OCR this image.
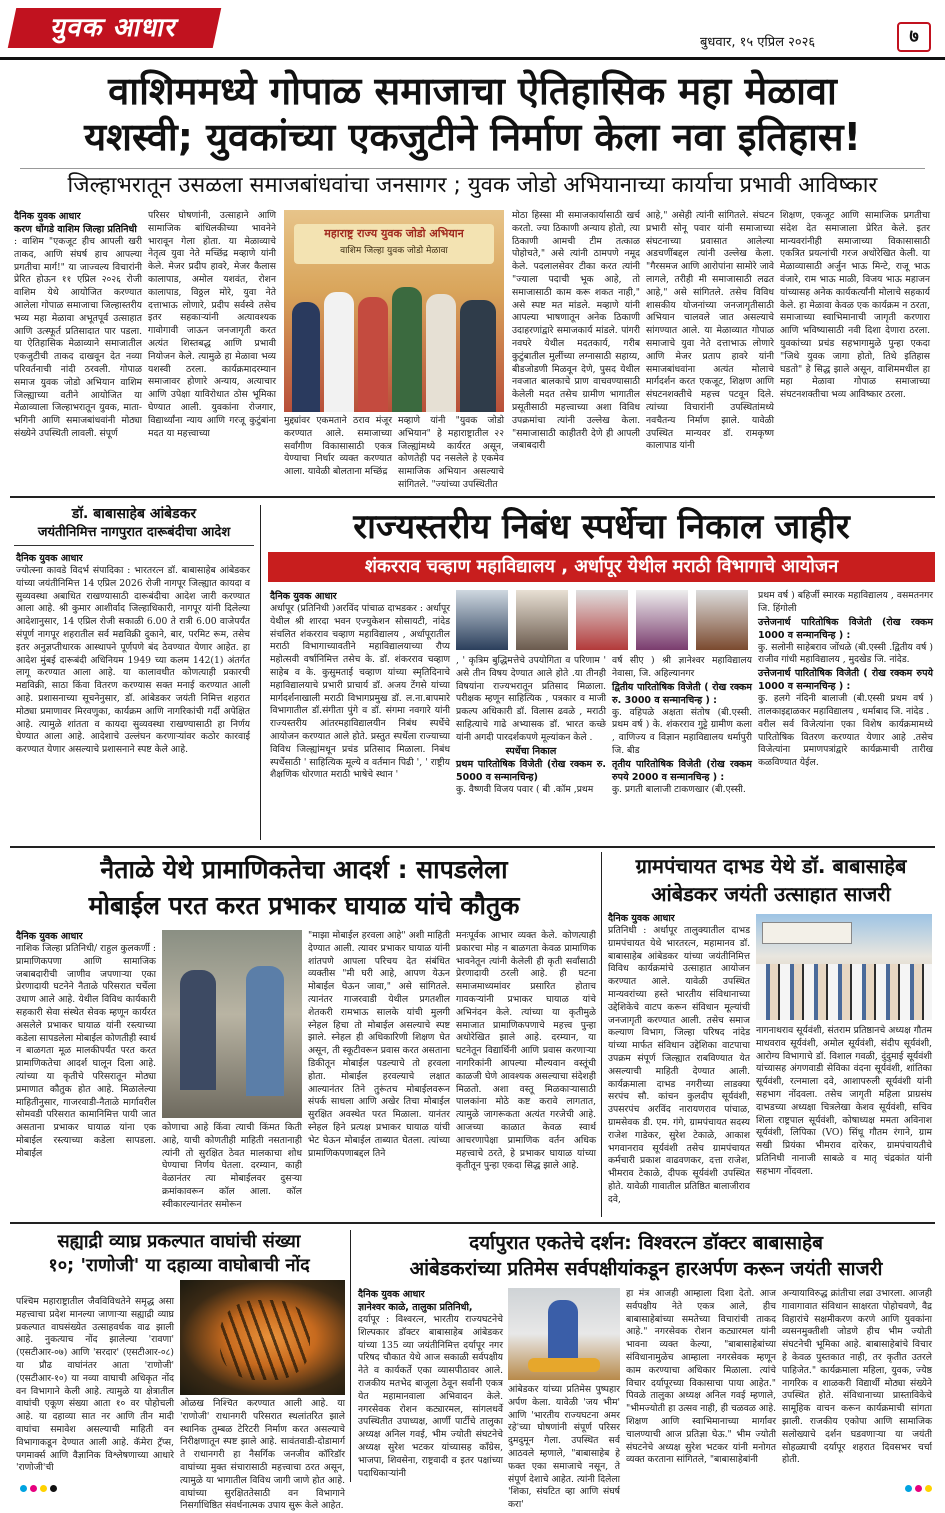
युवक आधार	बुधवार, १५ एप्रिल २०२६	७
वाशिममध्ये गोपाळ समाजाचा ऐतिहासिक महा मेळावा
यशस्वी; युवकांच्या एकजुटीने निर्माण केला नवा इतिहास!
जिल्हाभरातून उसळला समाजबांधवांचा जनसागर ; युवक जोडो अभियानाच्या कार्याचा प्रभावी आविष्कार
दैनिक युवक आधार
करण धोंगडे वाशिम जिल्हा प्रतिनिधी
: वाशिम "एकजूट हीच आपली खरी ताकद, आणि संघर्ष हाच आपल्या प्रगतीचा मार्ग!" या जाज्वल्य विचारांनी प्रेरित होऊन ११ एप्रिल २०२६ रोजी वाशिम येथे आयोजित करण्यात आलेला गोपाळ समाजाचा जिल्हास्तरीय भव्य महा मेळावा अभूतपूर्व उत्साहात आणि उत्स्फूर्त प्रतिसादात पार पडला. या ऐतिहासिक मेळाव्याने समाजातील एकजुटीची ताकद दाखवून देत नव्या परिवर्तनाची नांदी ठरवली. गोपाळ समाज युवक जोडो अभियान वाशिम जिल्ह्याच्या वतीने आयोजित या मेळाव्याला जिल्हाभरातून युवक, माता-भगिनी आणि समाजबांधवांनी मोठ्या संख्येने उपस्थिती लावली. संपूर्ण
परिसर घोषणांनी, उत्साहाने आणि सामाजिक बांधिलकीच्या भावनेने भारावून गेला होता. या मेळाव्याचे नेतृत्व युवा नेते मच्छिंद्र मव्हाणे यांनी केले. मेजर प्रदीप हावरे, मेजर कैलास कालापाड, अमोल यशवंत, रोशन कालापाड, विठ्ठल मोरे, युवा नेते दत्ताभाऊ लोणारे, प्रदीप सर्वस्वे तसेच इतर सहकाऱ्यांनी अत्यावश्यक गावोगावी जाऊन जनजागृती करत अत्यंत शिस्तबद्ध आणि प्रभावी नियोजन केले. त्यामुळे हा मेळावा भव्य यशस्वी ठरला. कार्यक्रमादरम्यान समाजावर होणारे अन्याय, अत्याचार आणि उपेक्षा याविरोधात ठोस भूमिका घेण्यात आली. युवकांना रोजगार, विद्यार्थ्यांना न्याय आणि गरजू कुटुंबांना मदत या महत्त्वाच्या
महाराष्ट्र राज्य युवक जोडो अभियान
वाशिम जिल्हा युवक जोडो मेळावा
मुद्द्यांवर एकमताने ठराव मंजूर करण्यात आले. समाजाच्या सर्वांगीण विकासासाठी एकत्र येण्याचा निर्धार व्यक्त करण्यात आला. यावेळी बोलताना मच्छिंद्र
मव्हाणे यांनी "युवक जोडो अभियान" हे महाराष्ट्रातील २२ जिल्ह्यांमध्ये कार्यरत असून, कोणतेही पद नसलेले हे एकमेव सामाजिक अभियान असल्याचे सांगितले. "ज्यांच्या उपस्थितीत
मोठा हिस्सा मी समाजकार्यासाठी खर्च करतो. ज्या ठिकाणी अन्याय होतो, त्या ठिकाणी आमची टीम तत्काळ पोहोचते," असे त्यांनी ठामपणे नमूद केले. पदलालसेवर टीका करत त्यांनी "ज्याला पदाची भूक आहे, तो समाजासाठी काम करू शकत नाही," असे स्पष्ट मत मांडले. मव्हाणे यांनी आपल्या भाषणातून अनेक ठिकाणी उदाहरणांद्वारे समाजकार्य मांडले. पांगरी नवघरे येथील मदतकार्य, गरीब कुटुंबातील मुलींच्या लग्नासाठी सहाय्य, बीडजोडणी मिळवून देणे, पुसद येथील नवजात बालकाचे प्राण वाचवण्यासाठी केलेली मदत तसेच ग्रामीण भागातील प्रसूतीसाठी महत्त्वाच्या अशा विविध उपक्रमांचा त्यांनी उल्लेख केला. "समाजासाठी काहीतरी देणे ही आपली जबाबदारी
आहे," असेही त्यांनी सांगितले. संघटन प्रभारी सोनू पवार यांनी समाजाच्या संघटनाच्या प्रवासात आलेल्या अडचणींबद्दल त्यांनी उल्लेख केला. "गैरसमज आणि आरोपांना सामोरे जावे लागले, तरीही मी समाजासाठी लढत आहे," असे सांगितले. तसेच विविध शासकीय योजनांच्या जनजागृतीसाठी अभियान चालवले जात असल्याचे सांगण्यात आले. या मेळाव्यात गोपाळ समाजाचे युवा नेते दत्ताभाऊ लोणारे आणि मेजर प्रताप हावरे यांनी समाजबांधवांना अत्यंत मोलाचे मार्गदर्शन करत एकजूट, शिक्षण आणि संघटनशक्तीचे महत्त्व पटवून दिले. त्यांच्या विचारांनी उपस्थितांमध्ये नवचैतन्य निर्माण झाले. यावेळी उपस्थित मान्यवर डॉ. रामकृष्ण कालापाड यांनी
शिक्षण, एकजूट आणि सामाजिक प्रगतीचा संदेश देत समाजाला प्रेरित केले. इतर मान्यवरांनीही समाजाच्या विकासासाठी एकत्रित प्रयत्नांची गरज अधोरेखित केली. या मेळाव्यासाठी अर्जुन भाऊ मिन्टे, राजू भाऊ वंजारे, राम भाऊ माळी, विजय भाऊ महाजन यांच्यासह अनेक कार्यकर्त्यांनी मोलाचे सहकार्य केले. हा मेळावा केवळ एक कार्यक्रम न ठरता, समाजाच्या स्वाभिमानाची जागृती करणारा आणि भविष्यासाठी नवी दिशा देणारा ठरला. युवकांच्या प्रचंड सहभागामुळे पुन्हा एकदा "जिथे युवक जागा होतो, तिथे इतिहास घडतो" हे सिद्ध झाले असून, वाशिममधील हा महा मेळावा गोपाळ समाजाच्या संघटनशक्तीचा भव्य आविष्कार ठरला.
डॉ. बाबासाहेब आंबेडकर
जयंतीनिमित्त नागपुरात दारूबंदीचा आदेश
दैनिक युवक आधार
ज्योत्स्ना कावडे विदर्भ संपादिका : भारतरत्न डॉ. बाबासाहेब आंबेडकर यांच्या जयंतीनिमित्त 14 एप्रिल 2026 रोजी नागपूर जिल्ह्यात कायदा व सुव्यवस्था अबाधित राखण्यासाठी दारूबंदीचा आदेश जारी करण्यात आला आहे. श्री कुमार आशीर्वाद जिल्हाधिकारी, नागपूर यांनी दिलेल्या आदेशानुसार, 14 एप्रिल रोजी सकाळी 6.00 ते रात्री 6.00 वाजेपर्यंत संपूर्ण नागपूर शहरातील सर्व मद्यविक्री दुकाने, बार, परमिट रूम, तसेच इतर अनुज्ञप्तीधारक आस्थापने पूर्णपणे बंद ठेवण्यात येणार आहेत. हा आदेश मुंबई दारूबंदी अधिनियम 1949 च्या कलम 142(1) अंतर्गत लागू करण्यात आला आहे. या कालावधीत कोणत्याही प्रकारची मद्यविक्री, साठा किंवा वितरण करण्यास सक्त मनाई करण्यात आली आहे. प्रशासनाच्या सूचनेनुसार, डॉ. आंबेडकर जयंती निमित्त शहरात मोठ्या प्रमाणावर मिरवणुका, कार्यक्रम आणि नागरिकांची गर्दी अपेक्षित आहे. त्यामुळे शांतता व कायदा सुव्यवस्था राखण्यासाठी हा निर्णय घेण्यात आला आहे. आदेशाचे उल्लंघन करणाऱ्यांवर कठोर कारवाई करण्यात येणार असल्याचे प्रशासनाने स्पष्ट केले आहे.
राज्यस्तरीय निबंध स्पर्धेचा निकाल जाहीर
शंकरराव चव्हाण महाविद्यालय , अर्धापूर येथील मराठी विभागाचे आयोजन
दैनिक युवक आधार
अर्धापूर (प्रतिनिधी )अरविंद पांचाळ दाभडकर : अर्धापूर येथील श्री शारदा भवन एज्युकेशन सोसायटी, नांदेड संचलित शंकरराव चव्हाण महाविद्यालय , अर्धापूरातील मराठी विभागाच्यावतीने महाविद्यालयाच्या रौप्य महोत्सवी वर्षानिमित्त तसेच के. डॉ. शंकरराव चव्हाण साहेब व के. कुसुमताई चव्हाण यांच्या स्मृतिदिनाचे महाविद्यालयाचे प्रभारी प्राचार्य डॉ. अजय टेंगसे यांच्या मार्गदर्शनाखाली मराठी विभागप्रमुख डॉ. ल.ना.बापमारे विभागातील डॉ.संगीता पुंगे व डॉ. संगमा नवगारे यांनी राज्यस्तरीय आंतरमहाविद्यालयीन निबंध स्पर्धेचे आयोजन करण्यात आले होते. प्रस्तुत स्पर्धेला राज्याच्या विविध जिल्ह्यांमधून प्रचंड प्रतिसाद मिळाला. निबंध स्पर्धेसाठी ' साहित्यिक मूल्ये व वर्तमान पिढी ', ' राष्ट्रीय शैक्षणिक धोरणात मराठी भाषेचे स्थान '
, ' कृत्रिम बुद्धिमत्तेचे उपयोगिता व परिणाम ' असे तीन विषय देण्यात आले होते .या तीनही विषयांना राज्यभरातून प्रतिसाद मिळाला. परीक्षक म्हणून साहित्यिक , पत्रकार व माजी प्रकल्प अधिकारी डॉ. विलास ढवळे , मराठी साहित्याचे गाढे अभ्यासक डॉ. भारत कच्छे यांनी अगदी पारदर्शकपणे मूल्यांकन केले .
स्पर्धेचा निकाल
प्रथम पारितोषिक विजेती (रोख रक्कम रु. 5000 व सन्मानचिन्ह)
कु. वैष्णवी विजय पवार ( बी .कॉम ,प्रथम
वर्ष सीए ) श्री ज्ञानेश्वर महाविद्यालय नेवासा, जि. अहिल्यानगर
द्वितीय पारितोषिक विजेती ( रोख रक्कम रु. 3000 व सन्मानचिन्ह ) :
कु. वहिपळे अक्षता संतोष (बी.एस्सी. प्रथम वर्ष ) के. शंकरराव गुट्टे ग्रामीण कला , वाणिज्य व विज्ञान महाविद्यालय धर्मापुरी जि. बीड
तृतीय पारितोषिक विजेती (रोख रक्कम रुपये 2000 व सन्मानचिन्ह ) :
कु. प्रगती बालाजी टाकणखार (बी.एस्सी.
प्रथम वर्ष ) बहिर्जी स्मारक महाविद्यालय , वसमतनगर जि. हिंगोली
उत्तेजनार्थ पारितोषिक विजेती (रोख रक्कम 1000 व सन्मानचिन्ह ) :
कु. सलोनी साहेबराव जोंधळे (बी.एस्सी .द्वितीय वर्ष ) राजीव गांधी महाविद्यालय , मुदखेड जि. नांदेड.
उत्तेजनार्थ पारितोषिक विजेती ( रोख रक्कम रुपये 1000 व सन्मानचिन्ह ) :
कु. हलगे नंदिनी बालाजी (बी.एस्सी प्रथम वर्ष ) तालकाइद्दाळकर महाविद्यालय , धर्माबाद जि. नांदेड .
वरील सर्व विजेत्यांना एका विशेष कार्यक्रमामध्ये पारितोषिक वितरण करण्यात येणार आहे .तसेच विजेत्यांना प्रमाणपत्रांद्वारे कार्यक्रमाची तारीख कळविण्यात येईल.
नैताळे येथे प्रामाणिकतेचा आदर्श : सापडलेला
मोबाईल परत करत प्रभाकर घायाळ यांचे कौतुक
दैनिक युवक आधार
नाशिक जिल्हा प्रतिनिधी/ राहुल कुलकर्णी : प्रामाणिकपणा आणि सामाजिक जबाबदारीची जाणीव जपणाऱ्या एका प्रेरणादायी घटनेने नैताळे परिसरात चर्चेला उधाण आले आहे. येथील विविध कार्यकारी सहकारी सेवा संस्थेत सेवक म्हणून कार्यरत असलेले प्रभाकर घायाळ यांनी रस्त्याच्या कडेला सापडलेला मोबाईल कोणतीही स्वार्थ न बाळगता मूळ मालकीपर्यंत परत करत प्रामाणिकतेचा आदर्श घालून दिला आहे. त्यांच्या या कृतीचे परिसरातून मोठ्या प्रमाणात कौतुक होत आहे. मिळालेल्या माहितीनुसार, गाजरवाडी-नैताळे मार्गावरील सोमवडी परिसरात कामानिमित्त पायी जात असताना प्रभाकर घायाळ यांना एक मोबाईल रस्त्याच्या कडेला सापडला. मोबाईल
कोणाचा आहे किंवा त्याची किंमत किती आहे, याची कोणतीही माहिती नसतानाही त्यांनी तो सुरक्षित ठेवत मालकाचा शोध घेण्याचा निर्णय घेतला. दरम्यान, काही वेळानंतर त्या मोबाईलवर दुसऱ्या क्रमांकावरून कॉल आला. कॉल स्वीकारल्यानंतर समोरून
"माझा मोबाईल हरवला आहे" अशी माहिती देण्यात आली. त्यावर प्रभाकर घायाळ यांनी शांतपणे आपला परिचय देत संबंधित व्यक्तीस "मी घरी आहे, आपण येऊन मोबाईल घेऊन जावा," असे सांगितले. त्यानंतर गाजरवाडी येथील प्रगतशील शेतकरी रामभाऊ सालके यांची मुलगी स्नेहल हिचा तो मोबाईल असल्याचे स्पष्ट झाले. स्नेहल ही अधिकारिणी शिक्षण घेत असून, ती स्कूटीवरून प्रवास करत असताना डिकीतून मोबाईल पडल्याचे तो हरवला होता. मोबाईल हरवल्याचे लक्षात आल्यानंतर तिने तुरूंतच मोबाईलवरून संपर्क साधला आणि अखेर तिचा मोबाईल सुरक्षित अवस्थेत परत मिळाला. यानंतर स्नेहल हिने प्रत्यक्ष प्रभाकर घायाळ यांची भेट घेऊन मोबाईल ताब्यात घेतला. त्यांच्या प्रामाणिकपणाबद्दल तिने
मनःपूर्वक आभार व्यक्त केले. कोणत्याही प्रकारचा मोह न बाळगता केवळ प्रामाणिक भावनेतून त्यांनी केलेली ही कृती सर्वांसाठी प्रेरणादायी ठरली आहे. ही घटना समाजमाध्यमांवर प्रसारित होताच गावकऱ्यांनी प्रभाकर घायाळ यांचे अभिनंदन केले. त्यांच्या या कृतीमुळे समाजात प्रामाणिकपणाचे महत्त्व पुन्हा अधोरेखित झाले आहे. दरम्यान, या घटनेतून विद्यार्थिनी आणि प्रवास करणाऱ्या नागरिकांनी आपल्या मौल्यवान वस्तूंची काळजी घेणे आवश्यक असल्याचा संदेशही मिळतो. अशा वस्तू मिळकाऱ्यासाठी पालकांना मोठे कष्ट करावे लागतात, त्यामुळे जागरूकता अत्यंत गरजेची आहे. आजच्या काळात केवळ स्वार्थ आचरणापेक्षा प्रामाणिक वर्तन अधिक महत्त्वाचे ठरते, हे प्रभाकर घायाळ यांच्या कृतीतून पुन्हा एकदा सिद्ध झाले आहे.
ग्रामपंचायत दाभड येथे डॉ. बाबासाहेब
आंबेडकर जयंती उत्साहात साजरी
दैनिक युवक आधार
प्रतिनिधी : अर्धापूर तालुक्यातील दाभड ग्रामपंचायत येथे भारतरत्न, महामानव डॉ. बाबासाहेब आंबेडकर यांच्या जयंतीनिमित्त विविध कार्यक्रमांचे उत्साहात आयोजन करण्यात आले. यावेळी उपस्थित मान्यवरांच्या हस्ते भारतीय संविधानाच्या उद्देशिकेचे वाटप करून संविधान मूल्यांची जनजागृती करण्यात आली. तसेच समाज कल्याण विभाग, जिल्हा परिषद नांदेड यांच्या मार्फत संविधान उद्देशिका वाटपाचा उपक्रम संपूर्ण जिल्ह्यात राबविण्यात येत असल्याची माहिती देण्यात आली. कार्यक्रमाला दाभड नगरीच्या लाडक्या सरपंच सौ. कांचन कुलदीप सूर्यवंशी, उपसरपंच अरविंद नारायणराव पांचाळ, ग्रामसेवक डी. एम. गंगे, ग्रामपंचायत सदस्य राजेश गाडेकर, सुरेश टेकाळे, आकाश भगवानराव सूर्यवंशी तसेच ग्रामपंचायत कर्मचारी प्रकाश वाढवणकर, दत्ता राजेश, भीमराव टेकाळे, दीपक सूर्यवंशी उपस्थित होते. यावेळी गावातील प्रतिष्ठित बालाजीराव दवे,
नागनाथराव सूर्यवंशी, संतराम प्रतिष्ठानचे अध्यक्ष गौतम माधवराव सूर्यवंशी, अमोल सूर्यवंशी, संदीप सूर्यवंशी, आरोग्य विभागाचे डॉ. विशाल गवळी, दुंदुमाई सूर्यवंशी यांच्यासह अंगणवाडी सेविका वंदना सूर्यवंशी, शांतिका सूर्यवंशी, रत्नमाला दवे, आशापरुली सूर्यवंशी यांनी सहभाग नोंदवला. तसेच जागृती महिला प्राग्रसंघ दाभडच्या अध्यक्षा चित्रलेखा केशव सूर्यवंशी, सचिव शिला राष्ट्रपाल सूर्यवंशी, कोषाध्यक्ष ममता अविनाश सूर्यवंशी, लिपिका (VO) सिंधू गौतम रंगाने, ग्राम सखी प्रियंका भीमराव दारेकर, ग्रामपंचायतीचे प्रतिनिधी नानाजी साबळे व मातृ चंद्रकांत यांनी सहभाग नोंदवला.
सह्याद्री व्याघ्र प्रकल्पात वाघांची संख्या
१०; 'राणोजी' या दहाव्या वाघोबाची नोंद
पश्चिम महाराष्ट्रातील जैवविविधतेने समृद्ध असा महत्त्वाचा प्रदेश मानल्या जाणाऱ्या सह्याद्री व्याघ्र प्रकल्पात वाघसंख्येत उत्साहवर्धक वाढ झाली आहे. नुकत्याच नोंद झालेल्या 'रावणा' (एसटीआर-०७) आणि 'सरदार' (एसटीआर-०८) या प्रौढ वाघांनंतर आता 'राणोजी' (एसटीआर-१०) या नव्या वाघाची अधिकृत नोंद वन विभागाने केली आहे. त्यामुळे या क्षेत्रातील वाघांची एकूण संख्या आता १० वर पोहोचली आहे. या दहाव्या सात नर आणि तीन मादी वाघांचा समावेश असल्याची माहिती वन विभागाकडून देण्यात आली आहे. कॅमेरा ट्रॅप्स, पगमार्क्स आणि वैज्ञानिक विश्लेषणाच्या आधारे 'राणोजी'ची
ओळख निश्चित करण्यात आली आहे. या 'राणोजी' राधानगरी परिसरात स्थलांतरित झाले स्थानिक तुम्बळ टेरिटरी निर्माण करत असल्याचे निरीक्षणातून स्पष्ट झाले आहे. सावंतवाडी-दोडामार्ग ते राधानगरी हा नैसर्गिक जनजीव कॉरिडॉर वाघांच्या मुक्त संचारासाठी महत्त्वाचा ठरत असून, त्यामुळे या भागातील विविध जागी जाणे होत आहे. वाघांच्या सुरक्षिततेसाठी वन विभागाने निसर्गाधिष्ठित संवर्धनात्मक उपाय सुरू केले आहेत.
दर्यापुरात एकतेचे दर्शन: विश्वरत्न डॉक्टर बाबासाहेब
आंबेडकरांच्या प्रतिमेस सर्वपक्षीयांकडून हारअर्पण करून जयंती साजरी
दैनिक युवक आधार
ज्ञानेश्वर काळे, तालुका प्रतिनिधी,
दर्यापूर : विश्वरत्न, भारतीय राज्यघटनेचे शिल्पकार डॉक्टर बाबासाहेब आंबेडकर यांच्या 135 व्या जयंतीनिमित्त दर्यापूर नगर परिषद चौकात येथे आज सकाळी सर्वपक्षीय नेते व कार्यकर्ते एका व्यासपीठावर आले. राजकीय मतभेद बाजूला ठेवून सर्वांनी एकत्र येत महामानवाला अभिवादन केले. नगरसेवक रोशन कट्यारमल, सांगलधर्वे उपस्थितीत उपाध्यक्ष, आर्णी पार्टीचे तालुका अध्यक्ष अनिल गवई, भीम ज्योती संघटनेचे अध्यक्ष सुरेश भटकर यांच्यासह काँग्रेस, भाजपा, शिवसेना, राष्ट्रवादी व इतर पक्षांच्या पदाधिकाऱ्यांनी
आंबेडकर यांच्या प्रतिमेस पुष्पहार अर्पण केला. यावेळी 'जय भीम' आणि 'भारतीय राज्यघटना अमर रहे'च्या घोषणांनी संपूर्ण परिसर दुमदुमून गेला. उपस्थित सर्व आठवले म्हणाले, "बाबासाहेब हे फक्त एका समाजाचे नसून, ते संपूर्ण देशाचे आहेत. त्यांनी दिलेला 'शिका, संघटित व्हा आणि संघर्ष करा'
हा मंत्र आजही आम्हाला दिशा देतो. आज सर्वपक्षीय नेते एकत्र आले, हीच बाबासाहेबांच्या समतेच्या विचारांची ताकद आहे." नगरसेवक रोशन कट्यारमल यांनी भावना व्यक्त केल्या, "बाबासाहेबांच्या संविधानामुळेच आम्हाला नगरसेवक म्हणून काम करण्याचा अधिकार मिळाला. त्यांचे विचार दर्यापूरच्या विकासाचा पाया आहेत." पिवळे तालुका अध्यक्ष अनिल गवई म्हणाले, "भीमज्योती हा उत्सव नाही, ही चळवळ आहे. शिक्षण आणि स्वाभिमानाच्या मार्गावर चालण्याची आज प्रतिज्ञा घेऊ." भीम ज्योती संघटनेचे अध्यक्ष सुरेश भटकर यांनी मनोगत व्यक्त करताना सांगितले, "बाबासाहेबांनी
अन्यायाविरुद्ध क्रांतीचा लढा उभारला. आजही गावागावात संविधान साक्षरता पोहोचवणे, वैद्र विहारांचे सक्षमीकरण करणे आणि युवकांना व्यसनमुक्तीशी जोडणे हीच भीम ज्योती संघटनेची भूमिका आहे. बाबासाहेबांचे विचार हे केवळ पुस्तकात नाही, तर कृतीत उतरले पाहिजेत." कार्यक्रमाला महिला, युवक, ज्येष्ठ नागरिक व शाळकरी विद्यार्थी मोठ्या संख्येने उपस्थित होते. संविधानाच्या प्रास्ताविकेचे सामूहिक वाचन करून कार्यक्रमाची सांगता झाली. राजकीय एकोपा आणि सामाजिक सलोख्याचे दर्शन घडवणाऱ्या या जयंती सोहळ्याची दर्यापूर शहरात दिवसभर चर्चा होती.
